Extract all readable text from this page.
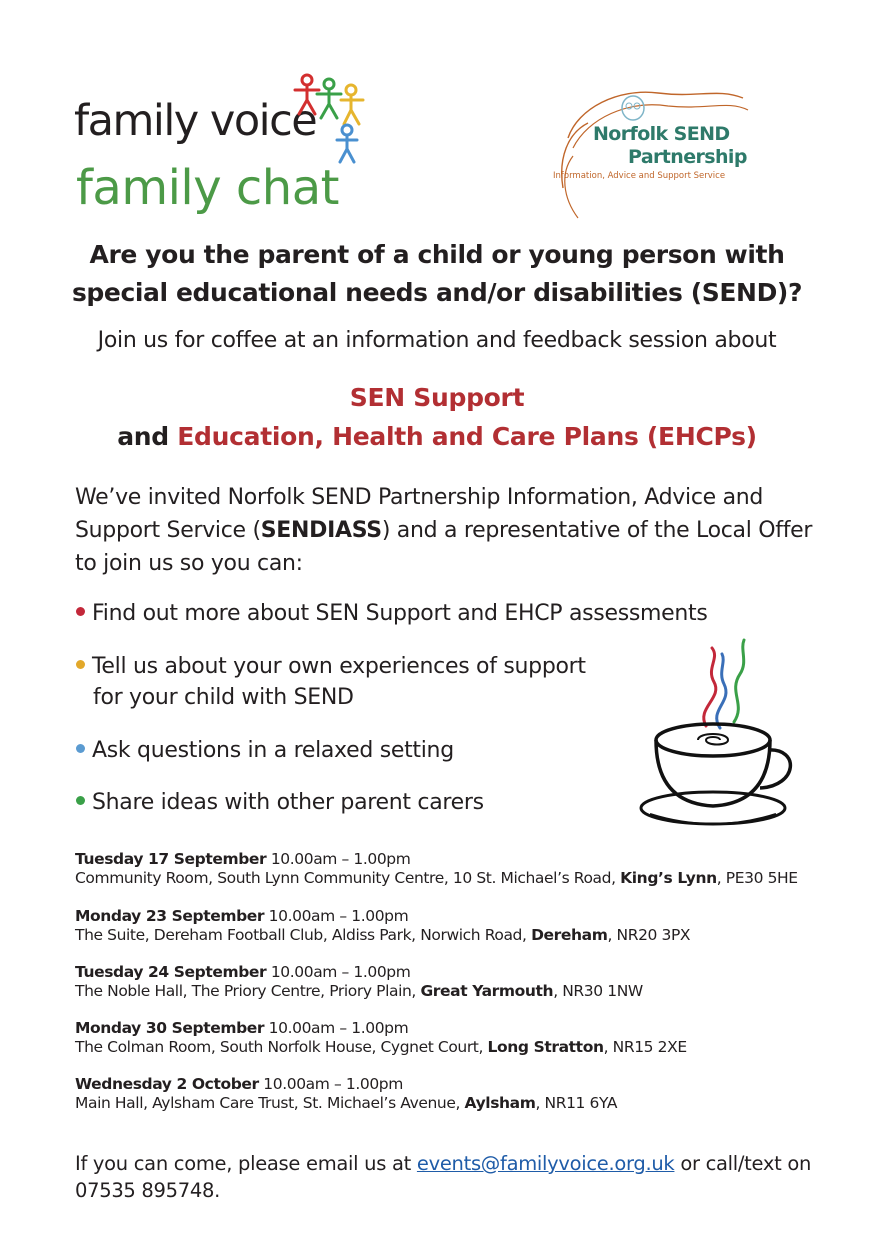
family voice
family chat
Norfolk SEND
Partnership
Information, Advice and Support Service
Are you the parent of a child or young person with
special educational needs and/or disabilities (SEND)?
Join us for coffee at an information and feedback session about
SEN Support
and Education, Health and Care Plans (EHCPs)
We’ve invited Norfolk SEND Partnership Information, Advice and Support Service (SENDIASS) and a representative of the Local Offer to join us so you can:
Find out more about SEN Support and EHCP assessments
Tell us about your own experiences of support
for your child with SEND
Ask questions in a relaxed setting
Share ideas with other parent carers
Tuesday 17 September 10.00am – 1.00pm
Community Room, South Lynn Community Centre, 10 St. Michael’s Road, King’s Lynn, PE30 5HE
Monday 23 September 10.00am – 1.00pm
The Suite, Dereham Football Club, Aldiss Park, Norwich Road, Dereham, NR20 3PX
Tuesday 24 September 10.00am – 1.00pm
The Noble Hall, The Priory Centre, Priory Plain, Great Yarmouth, NR30 1NW
Monday 30 September 10.00am – 1.00pm
The Colman Room, South Norfolk House, Cygnet Court, Long Stratton, NR15 2XE
Wednesday 2 October 10.00am – 1.00pm
Main Hall, Aylsham Care Trust, St. Michael’s Avenue, Aylsham, NR11 6YA
If you can come, please email us at events@familyvoice.org.uk or call/text on 07535 895748.
